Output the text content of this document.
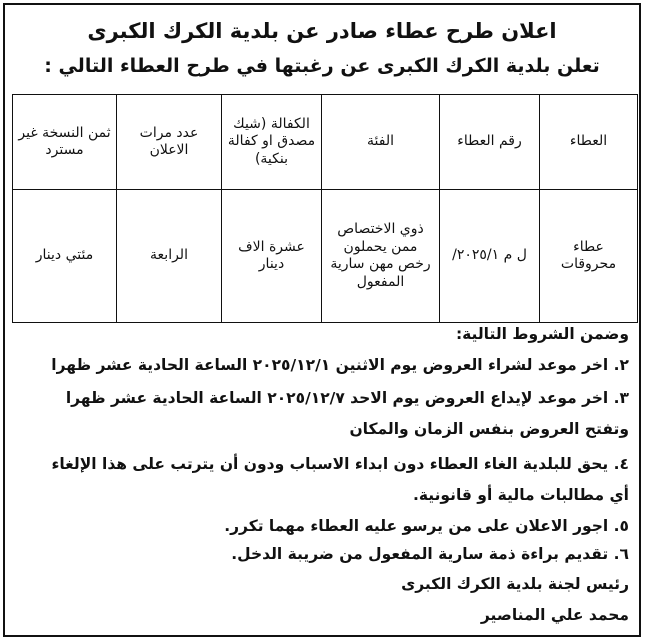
اعلان طرح عطاء صادر عن بلدية الكرك الكبرى
تعلن بلدية الكرك الكبرى عن رغبتها في طرح العطاء التالي :
العطاء	رقم العطاء	الفئة	الكفالة (شيك مصدق او كفالة بنكية)	عدد مرات الاعلان	ثمن النسخة غير مسترد
عطاء محروقات	ل م ٢٠٢٥/١/	ذوي الاختصاص ممن يحملون رخص مهن سارية المفعول	عشرة الاف دينار	الرابعة	مئتي دينار
وضمن الشروط التالية:
٢. اخر موعد لشراء العروض يوم الاثنين ٢٠٢٥/١٢/١ الساعة الحادية عشر ظهرا
٣. اخر موعد لإيداع العروض يوم الاحد ٢٠٢٥/١٢/٧ الساعة الحادية عشر ظهرا
وتفتح العروض بنفس الزمان والمكان
٤. يحق للبلدية الغاء العطاء دون ابداء الاسباب ودون أن يترتب على هذا الإلغاء
أي مطالبات مالية أو قانونية.
٥. اجور الاعلان على من يرسو عليه العطاء مهما تكرر.
٦. تقديم براءة ذمة سارية المفعول من ضريبة الدخل.
رئيس لجنة بلدية الكرك الكبرى
محمد علي المناصير
